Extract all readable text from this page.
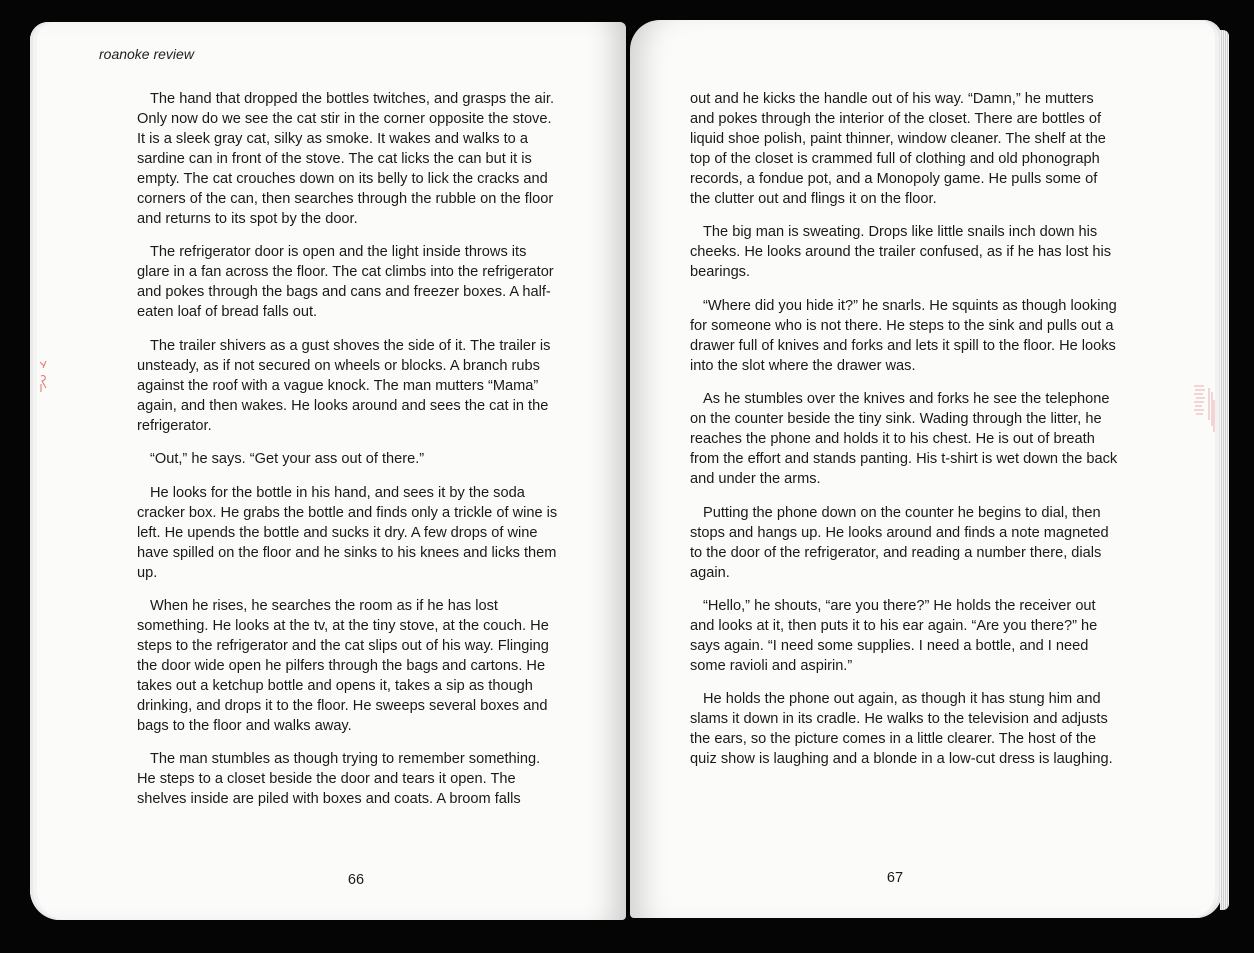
roanoke review

The hand that dropped the bottles twitches, and grasps the air. Only now do we see the cat stir in the corner opposite the stove. It is a sleek gray cat, silky as smoke. It wakes and walks to a sardine can in front of the stove. The cat licks the can but it is empty. The cat crouches down on its belly to lick the cracks and corners of the can, then searches through the rubble on the floor and returns to its spot by the door.

The refrigerator door is open and the light inside throws its glare in a fan across the floor. The cat climbs into the refrigerator and pokes through the bags and cans and freezer boxes. A half-eaten loaf of bread falls out.

The trailer shivers as a gust shoves the side of it. The trailer is unsteady, as if not secured on wheels or blocks. A branch rubs against the roof with a vague knock. The man mutters “Mama” again, and then wakes. He looks around and sees the cat in the refrigerator.

“Out,” he says. “Get your ass out of there.”

He looks for the bottle in his hand, and sees it by the soda cracker box. He grabs the bottle and finds only a trickle of wine is left. He upends the bottle and sucks it dry. A few drops of wine have spilled on the floor and he sinks to his knees and licks them up.

When he rises, he searches the room as if he has lost something. He looks at the tv, at the tiny stove, at the couch. He steps to the refrigerator and the cat slips out of his way. Flinging the door wide open he pilfers through the bags and cartons. He takes out a ketchup bottle and opens it, takes a sip as though drinking, and drops it to the floor. He sweeps several boxes and bags to the floor and walks away.

The man stumbles as though trying to remember something. He steps to a closet beside the door and tears it open. The shelves inside are piled with boxes and coats. A broom falls

66

out and he kicks the handle out of his way. “Damn,” he mutters and pokes through the interior of the closet. There are bottles of liquid shoe polish, paint thinner, window cleaner. The shelf at the top of the closet is crammed full of clothing and old phonograph records, a fondue pot, and a Monopoly game. He pulls some of the clutter out and flings it on the floor.

The big man is sweating. Drops like little snails inch down his cheeks. He looks around the trailer confused, as if he has lost his bearings.

“Where did you hide it?” he snarls. He squints as though looking for someone who is not there. He steps to the sink and pulls out a drawer full of knives and forks and lets it spill to the floor. He looks into the slot where the drawer was.

As he stumbles over the knives and forks he see the telephone on the counter beside the tiny sink. Wading through the litter, he reaches the phone and holds it to his chest. He is out of breath from the effort and stands panting. His t-shirt is wet down the back and under the arms.

Putting the phone down on the counter he begins to dial, then stops and hangs up. He looks around and finds a note magneted to the door of the refrigerator, and reading a number there, dials again.

“Hello,” he shouts, “are you there?” He holds the receiver out and looks at it, then puts it to his ear again. “Are you there?” he says again. “I need some supplies. I need a bottle, and I need some ravioli and aspirin.”

He holds the phone out again, as though it has stung him and slams it down in its cradle. He walks to the television and adjusts the ears, so the picture comes in a little clearer. The host of the quiz show is laughing and a blonde in a low-cut dress is laughing.

67
